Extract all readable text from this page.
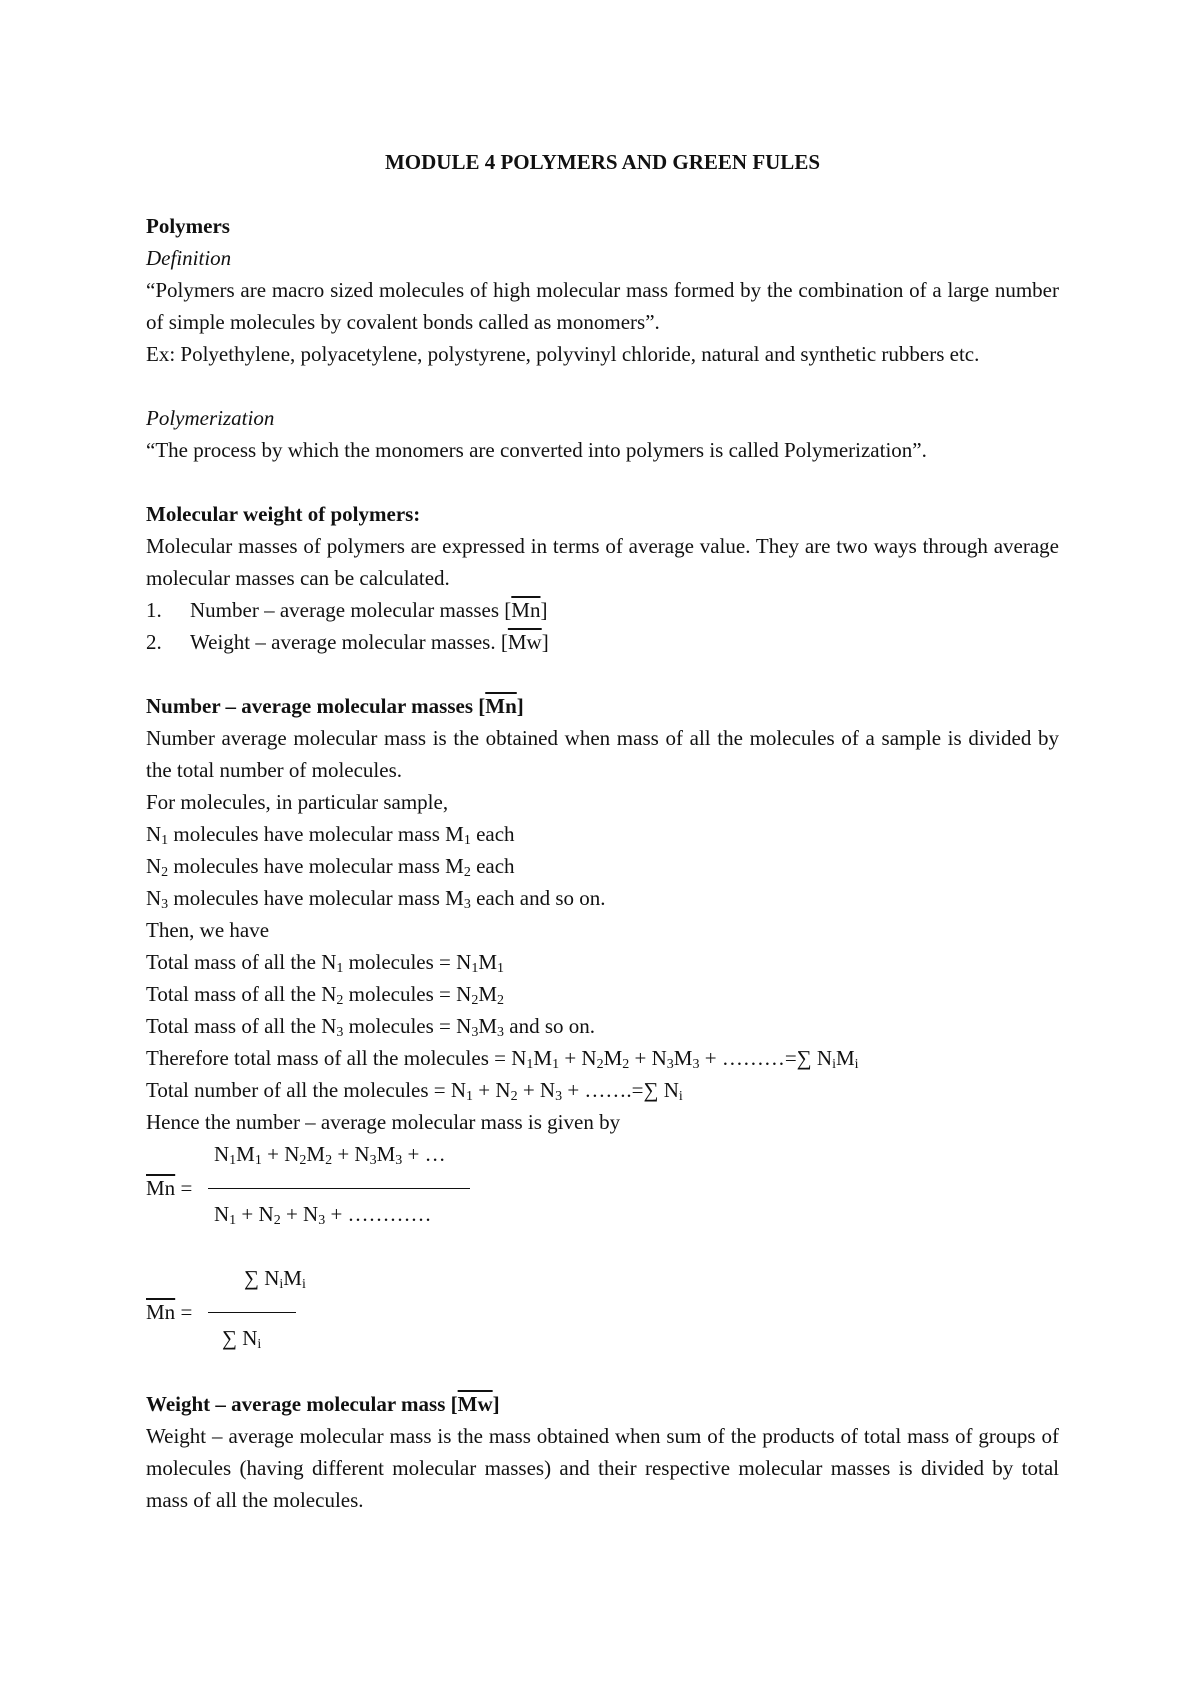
MODULE 4 POLYMERS AND GREEN FULES

Polymers

Definition

“Polymers are macro sized molecules of high molecular mass formed by the combination of a large number of simple molecules by covalent bonds called as monomers”.

Ex: Polyethylene, polyacetylene, polystyrene, polyvinyl chloride, natural and synthetic rubbers etc.

Polymerization

“The process by which the monomers are converted into polymers is called Polymerization”.

Molecular weight of polymers:

Molecular masses of polymers are expressed in terms of average value. They are two ways through average molecular masses can be calculated.

1.	Number – average molecular masses $[\overline{Mn}]$
2.	Weight – average molecular masses. $[\overline{Mw}]$

Number – average molecular masses $[\overline{Mn}]$

Number average molecular mass is the obtained when mass of all the molecules of a sample is divided by the total number of molecules.

For molecules, in particular sample,

$N_1$ molecules have molecular mass $M_1$ each

$N_2$ molecules have molecular mass $M_2$ each

$N_3$ molecules have molecular mass $M_3$ each and so on.

Then, we have

Total mass of all the $N_1$ molecules = $N_1M_1$

Total mass of all the $N_2$ molecules = $N_2M_2$

Total mass of all the $N_3$ molecules = $N_3M_3$ and so on.

Therefore total mass of all the molecules = $N_1M_1 + N_2M_2 + N_3M_3$ + ………=∑ $N_iM_i$

Total number of all the molecules = $N_1 + N_2 + N_3$ + …….=∑ $N_i$

Hence the number – average molecular mass is given by

$\overline{Mn}$ =
$N_1M_1 + N_2M_2 + N_3M_3$ + …
$N_1 + N_2 + N_3$ + …………
$\overline{Mn}$ =
∑ $N_iM_i$
∑ $N_i$

Weight – average molecular mass $[\overline{Mw}]$

Weight – average molecular mass is the mass obtained when sum of the products of total mass of groups of molecules (having different molecular masses) and their respective molecular masses is divided by total mass of all the molecules.
